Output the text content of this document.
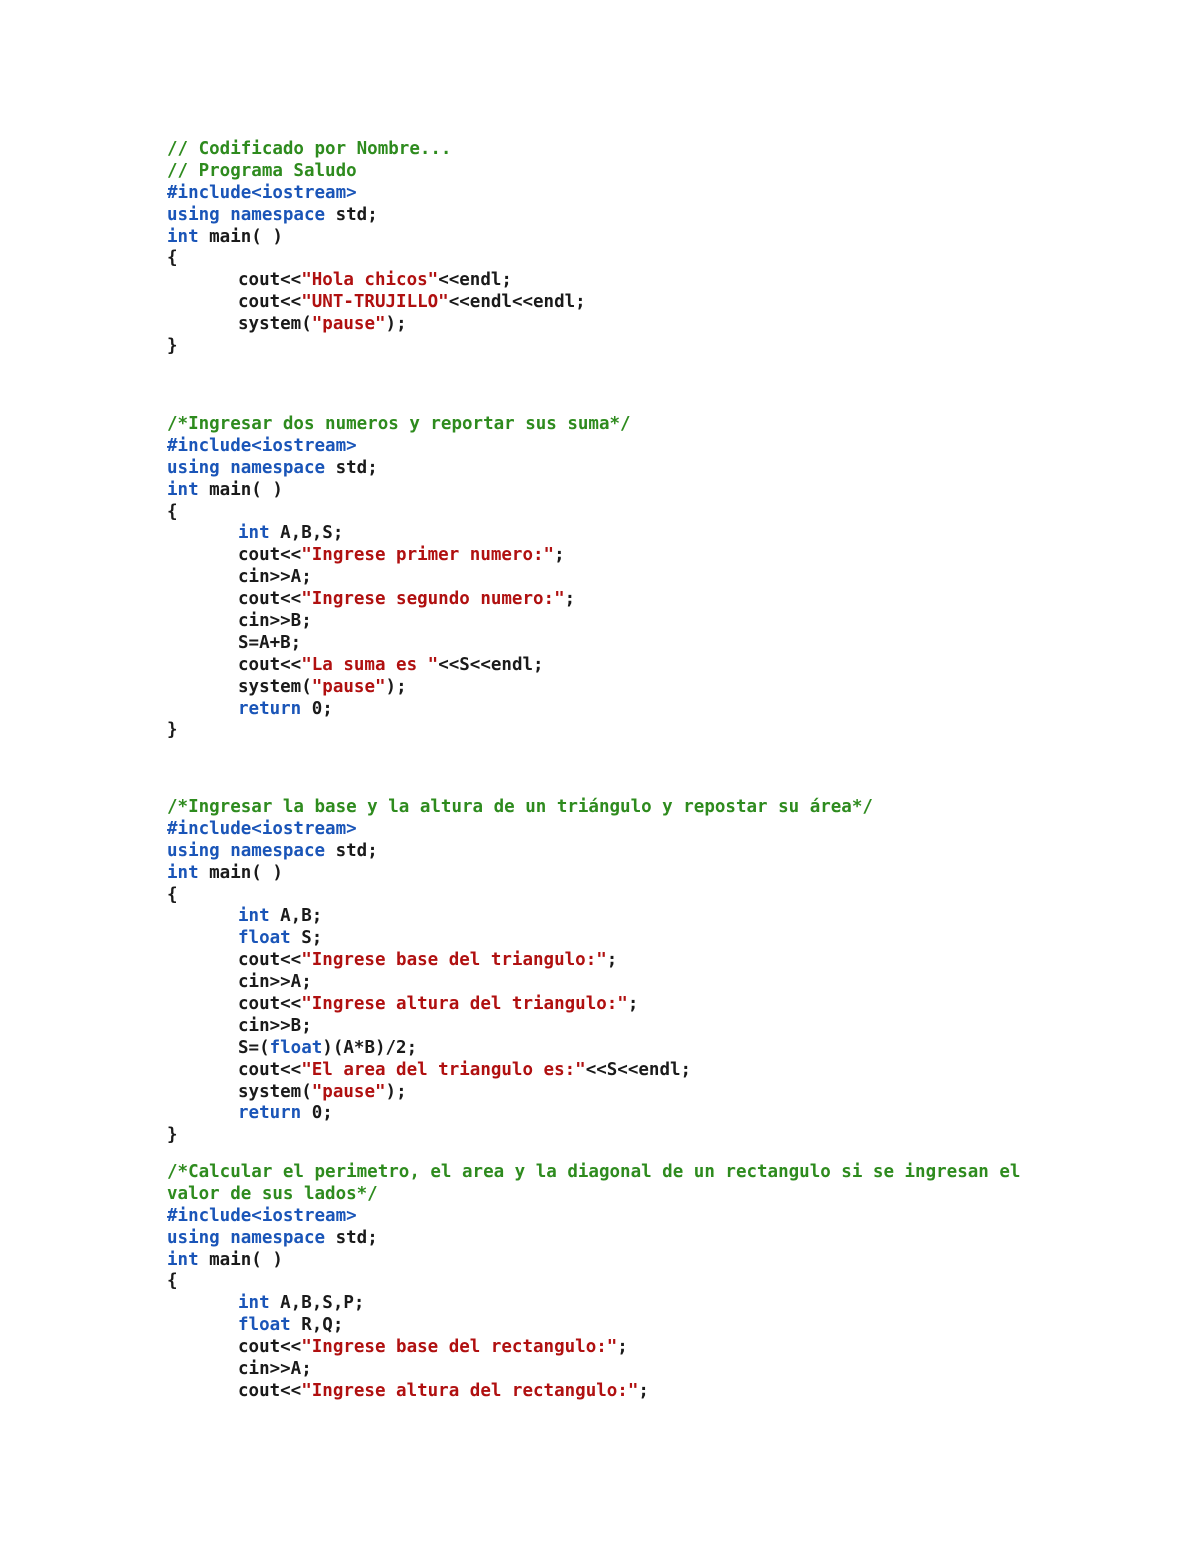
// Codificado por Nombre...
// Programa Saludo
#include<iostream>
using namespace std;
int main( )
{
cout<<"Hola chicos"<<endl;
cout<<"UNT-TRUJILLO"<<endl<<endl;
system("pause");
}
/*Ingresar dos numeros y reportar sus suma*/
#include<iostream>
using namespace std;
int main( )
{
int A,B,S;
cout<<"Ingrese primer numero:";
cin>>A;
cout<<"Ingrese segundo numero:";
cin>>B;
S=A+B;
cout<<"La suma es "<<S<<endl;
system("pause");
return 0;
}
/*Ingresar la base y la altura de un triángulo y repostar su área*/
#include<iostream>
using namespace std;
int main( )
{
int A,B;
float S;
cout<<"Ingrese base del triangulo:";
cin>>A;
cout<<"Ingrese altura del triangulo:";
cin>>B;
S=(float)(A*B)/2;
cout<<"El area del triangulo es:"<<S<<endl;
system("pause");
return 0;
}
/*Calcular el perimetro, el area y la diagonal de un rectangulo si se ingresan el
valor de sus lados*/
#include<iostream>
using namespace std;
int main( )
{
int A,B,S,P;
float R,Q;
cout<<"Ingrese base del rectangulo:";
cin>>A;
cout<<"Ingrese altura del rectangulo:";
